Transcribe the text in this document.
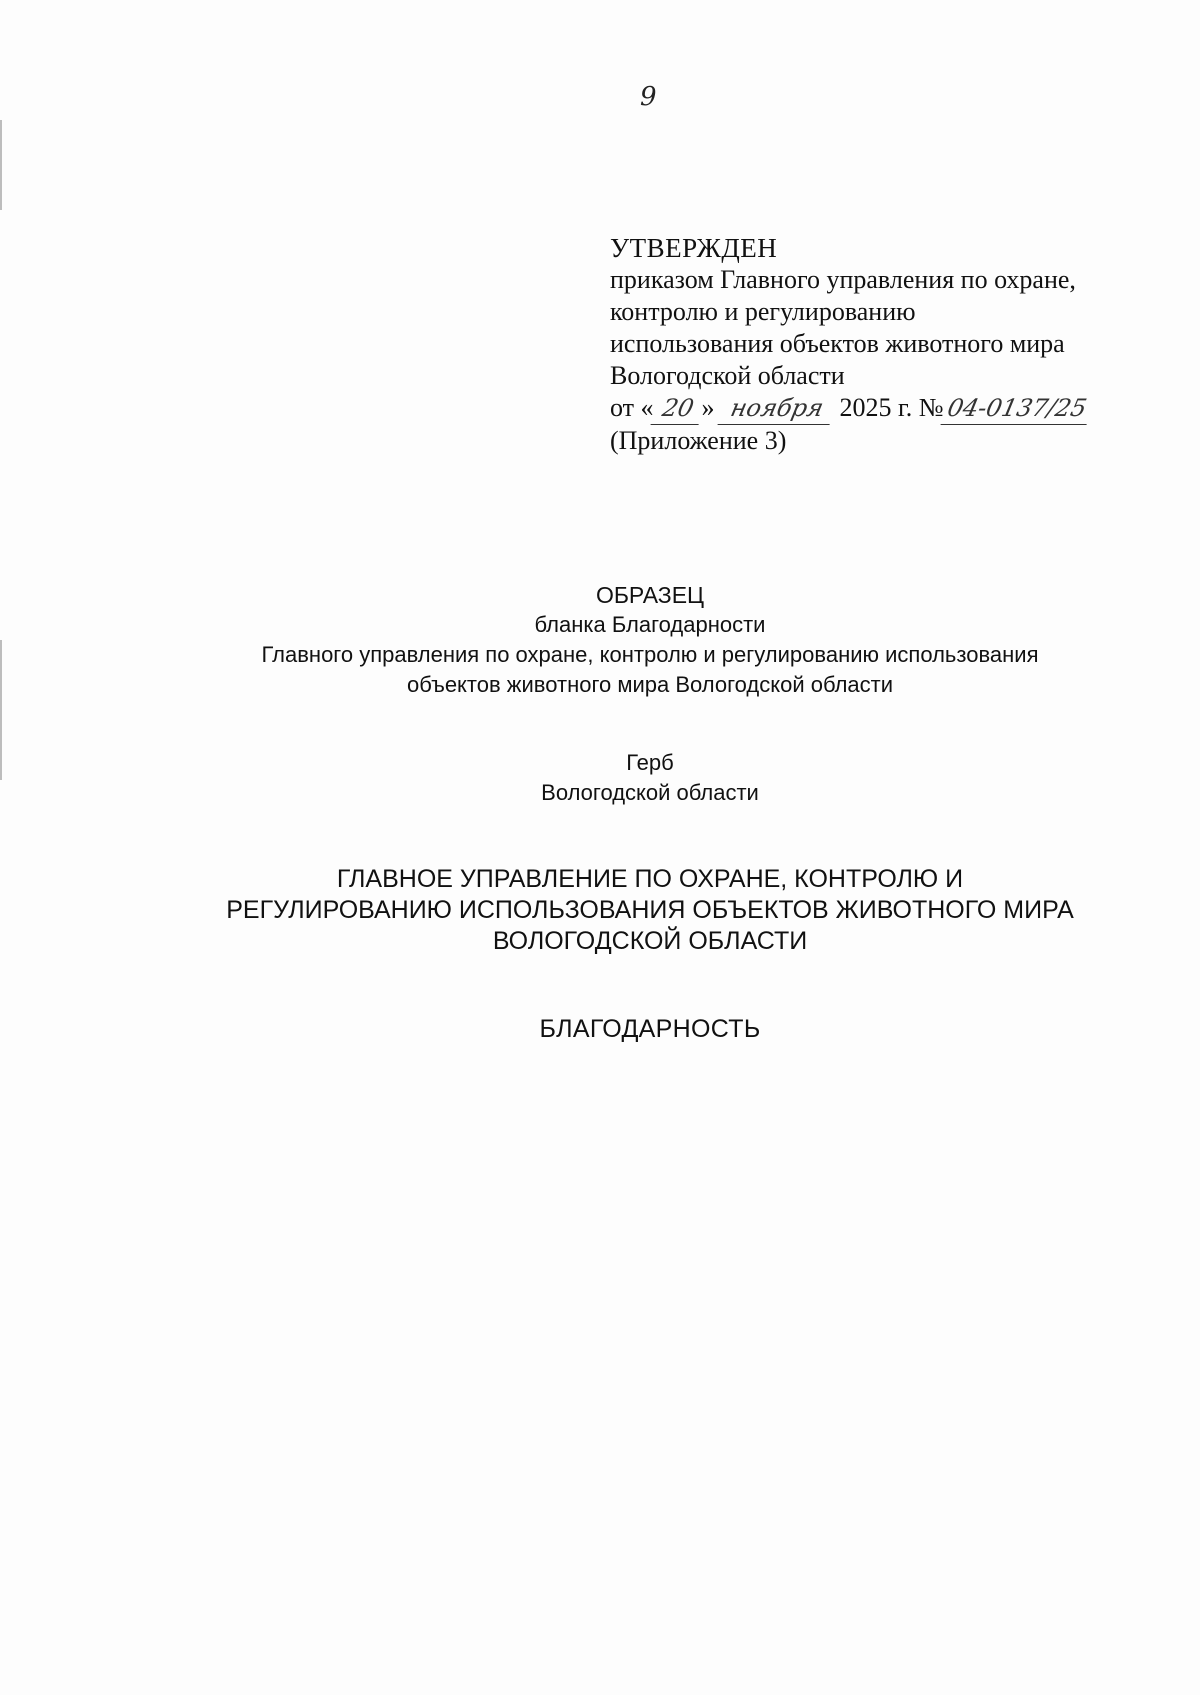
9
УТВЕРЖДЕН
приказом Главного управления по охране,
контролю и регулированию
использования объектов животного мира
Вологодской области
от « 20 » ноября 2025 г. №04-0137/25
(Приложение 3)
ОБРАЗЕЦ
бланка Благодарности
Главного управления по охране, контролю и регулированию использования
объектов животного мира Вологодской области
Герб
Вологодской области
ГЛАВНОЕ УПРАВЛЕНИЕ ПО ОХРАНЕ, КОНТРОЛЮ И
РЕГУЛИРОВАНИЮ ИСПОЛЬЗОВАНИЯ ОБЪЕКТОВ ЖИВОТНОГО МИРА
ВОЛОГОДСКОЙ ОБЛАСТИ
БЛАГОДАРНОСТЬ
